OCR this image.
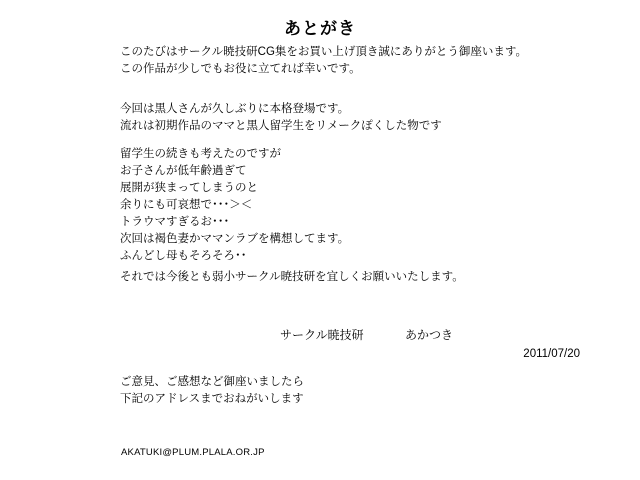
あとがき
このたびはサークル暁技研CG集をお買い上げ頂き誠にありがとう御座います。
この作品が少しでもお役に立てれば幸いです。
今回は黒人さんが久しぶりに本格登場です。
流れは初期作品のママと黒人留学生をリメークぽくした物です
留学生の続きも考えたのですが
お子さんが低年齢過ぎて
展開が狭まってしまうのと
余りにも可哀想で･･･＞＜
トラウマすぎるお･･･
次回は褐色妻かママンラブを構想してます。
ふんどし母もそろそろ･･
それでは今後とも弱小サークル暁技研を宜しくお願いいたします。
サークル暁技研	あかつき
2011/07/20
ご意見、ご感想など御座いましたら
下記のアドレスまでおねがいします
AKATUKI@PLUM.PLALA.OR.JP
